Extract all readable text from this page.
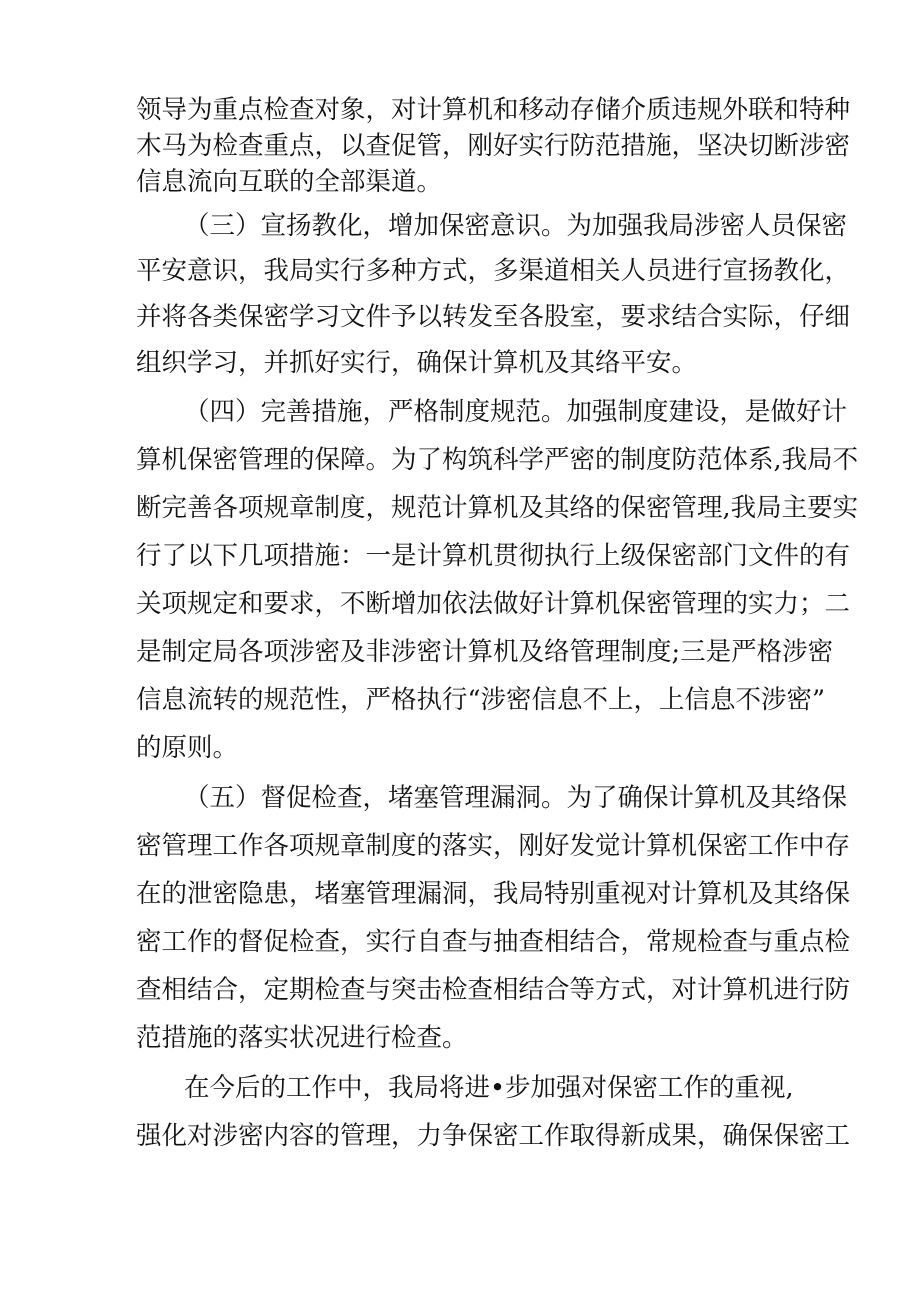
领导为重点检查对象，对计算机和移动存储介质违规外联和特种
木马为检查重点，以查促管，刚好实行防范措施，坚决切断涉密
信息流向互联的全部渠道。
（三）宣扬教化，增加保密意识。为加强我局涉密人员保密
平安意识，我局实行多种方式，多渠道相关人员进行宣扬教化，
并将各类保密学习文件予以转发至各股室，要求结合实际，仔细
组织学习，并抓好实行，确保计算机及其络平安。
（四）完善措施，严格制度规范。加强制度建设，是做好计
算机保密管理的保障。为了构筑科学严密的制度防范体系,我局不
断完善各项规章制度，规范计算机及其络的保密管理,我局主要实
行了以下几项措施：一是计算机贯彻执行上级保密部门文件的有
关项规定和要求，不断增加依法做好计算机保密管理的实力；二
是制定局各项涉密及非涉密计算机及络管理制度;三是严格涉密
信息流转的规范性，严格执行“涉密信息不上，上信息不涉密”
的原则。
（五）督促检查，堵塞管理漏洞。为了确保计算机及其络保
密管理工作各项规章制度的落实，刚好发觉计算机保密工作中存
在的泄密隐患，堵塞管理漏洞，我局特别重视对计算机及其络保
密工作的督促检查，实行自查与抽查相结合，常规检查与重点检
查相结合，定期检查与突击检查相结合等方式，对计算机进行防
范措施的落实状况进行检查。
在今后的工作中，我局将进•步加强对保密工作的重视,
强化对涉密内容的管理，力争保密工作取得新成果，确保保密工
